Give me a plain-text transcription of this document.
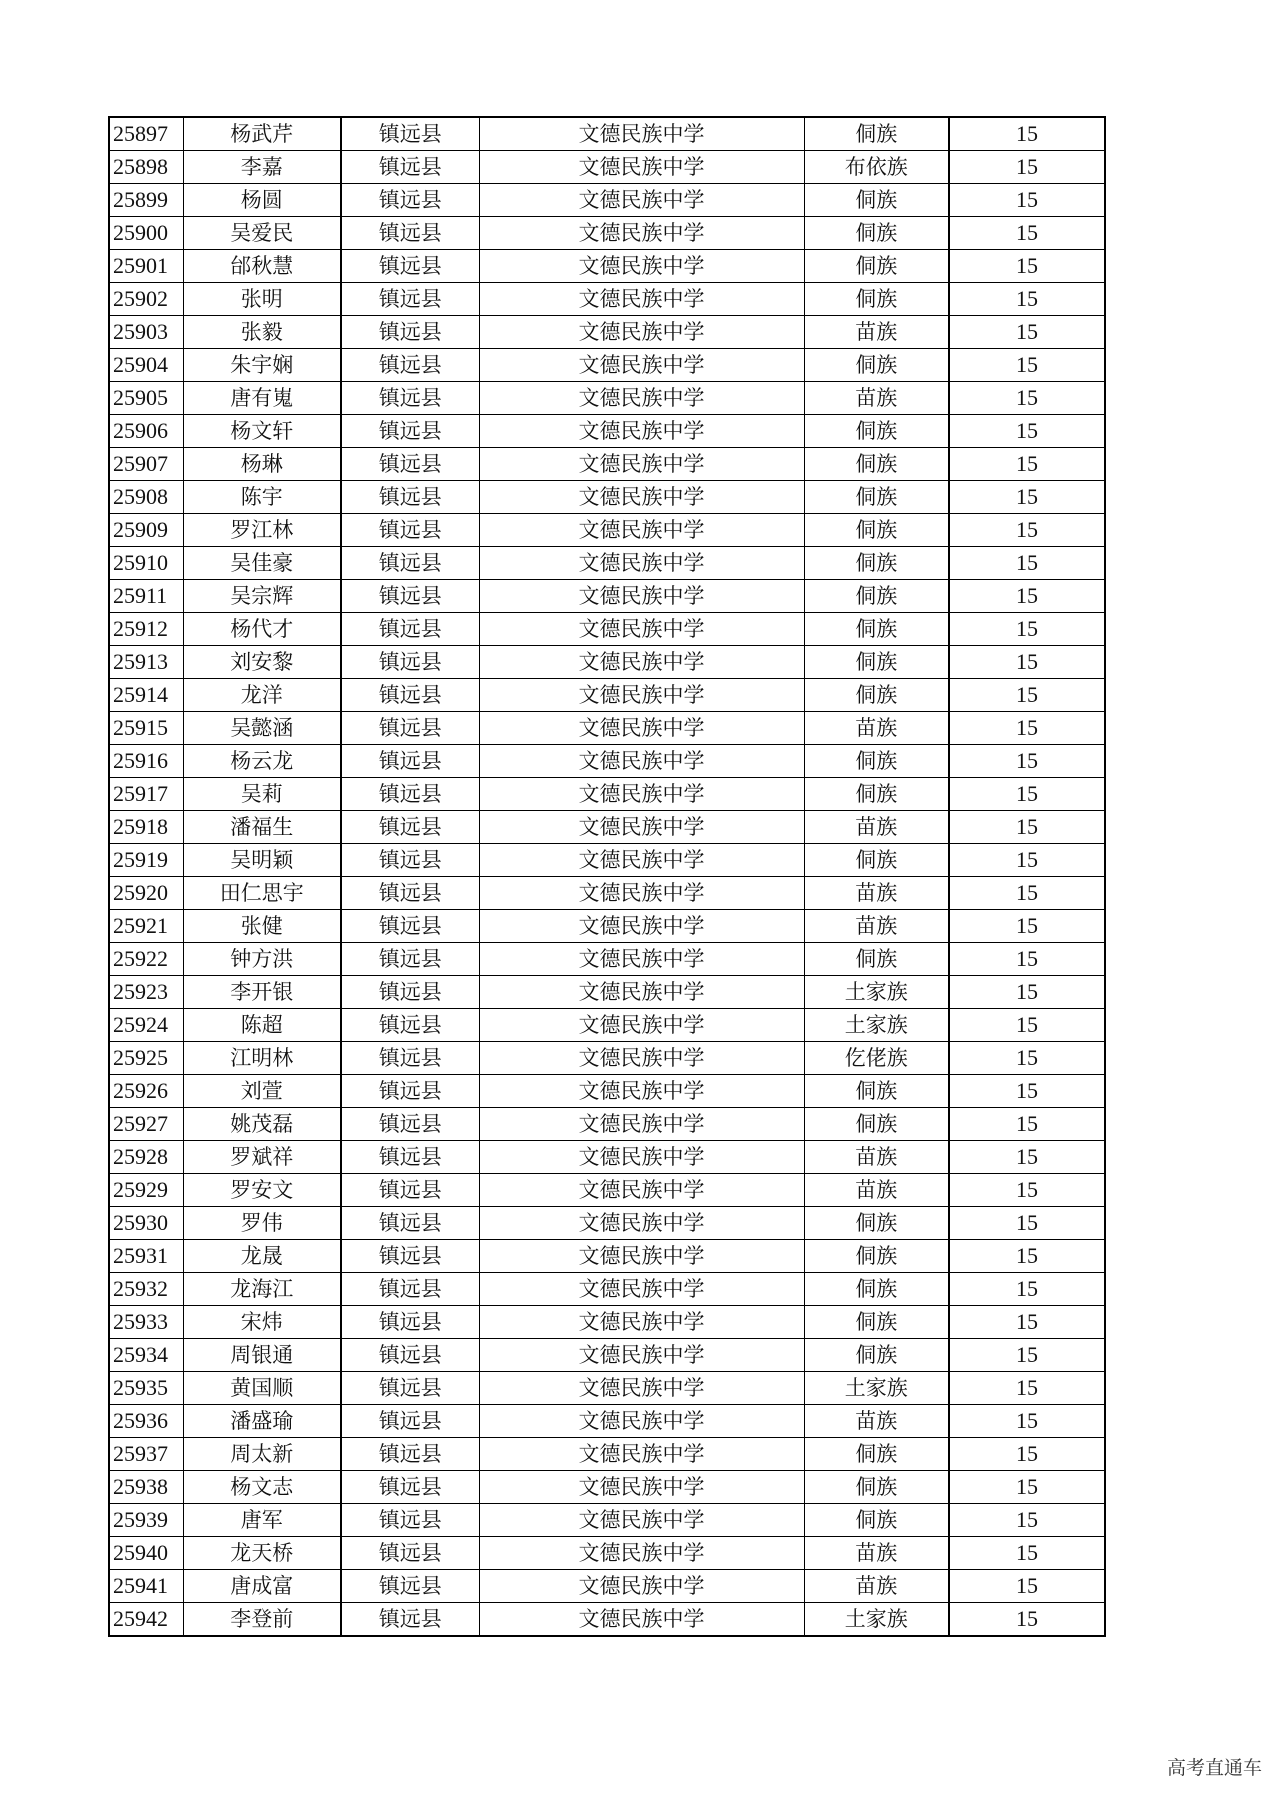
25897	杨武芹	镇远县	文德民族中学	侗族	15
25898	李嘉	镇远县	文德民族中学	布依族	15
25899	杨圆	镇远县	文德民族中学	侗族	15
25900	吴爱民	镇远县	文德民族中学	侗族	15
25901	邰秋慧	镇远县	文德民族中学	侗族	15
25902	张明	镇远县	文德民族中学	侗族	15
25903	张毅	镇远县	文德民族中学	苗族	15
25904	朱宇娴	镇远县	文德民族中学	侗族	15
25905	唐有嵬	镇远县	文德民族中学	苗族	15
25906	杨文轩	镇远县	文德民族中学	侗族	15
25907	杨琳	镇远县	文德民族中学	侗族	15
25908	陈宇	镇远县	文德民族中学	侗族	15
25909	罗江林	镇远县	文德民族中学	侗族	15
25910	吴佳豪	镇远县	文德民族中学	侗族	15
25911	吴宗辉	镇远县	文德民族中学	侗族	15
25912	杨代才	镇远县	文德民族中学	侗族	15
25913	刘安黎	镇远县	文德民族中学	侗族	15
25914	龙洋	镇远县	文德民族中学	侗族	15
25915	吴懿涵	镇远县	文德民族中学	苗族	15
25916	杨云龙	镇远县	文德民族中学	侗族	15
25917	吴莉	镇远县	文德民族中学	侗族	15
25918	潘福生	镇远县	文德民族中学	苗族	15
25919	吴明颖	镇远县	文德民族中学	侗族	15
25920	田仁思宇	镇远县	文德民族中学	苗族	15
25921	张健	镇远县	文德民族中学	苗族	15
25922	钟方洪	镇远县	文德民族中学	侗族	15
25923	李开银	镇远县	文德民族中学	土家族	15
25924	陈超	镇远县	文德民族中学	土家族	15
25925	江明林	镇远县	文德民族中学	仡佬族	15
25926	刘萱	镇远县	文德民族中学	侗族	15
25927	姚茂磊	镇远县	文德民族中学	侗族	15
25928	罗斌祥	镇远县	文德民族中学	苗族	15
25929	罗安文	镇远县	文德民族中学	苗族	15
25930	罗伟	镇远县	文德民族中学	侗族	15
25931	龙晟	镇远县	文德民族中学	侗族	15
25932	龙海江	镇远县	文德民族中学	侗族	15
25933	宋炜	镇远县	文德民族中学	侗族	15
25934	周银通	镇远县	文德民族中学	侗族	15
25935	黄国顺	镇远县	文德民族中学	土家族	15
25936	潘盛瑜	镇远县	文德民族中学	苗族	15
25937	周太新	镇远县	文德民族中学	侗族	15
25938	杨文志	镇远县	文德民族中学	侗族	15
25939	唐军	镇远县	文德民族中学	侗族	15
25940	龙天桥	镇远县	文德民族中学	苗族	15
25941	唐成富	镇远县	文德民族中学	苗族	15
25942	李登前	镇远县	文德民族中学	土家族	15
高考直通车
